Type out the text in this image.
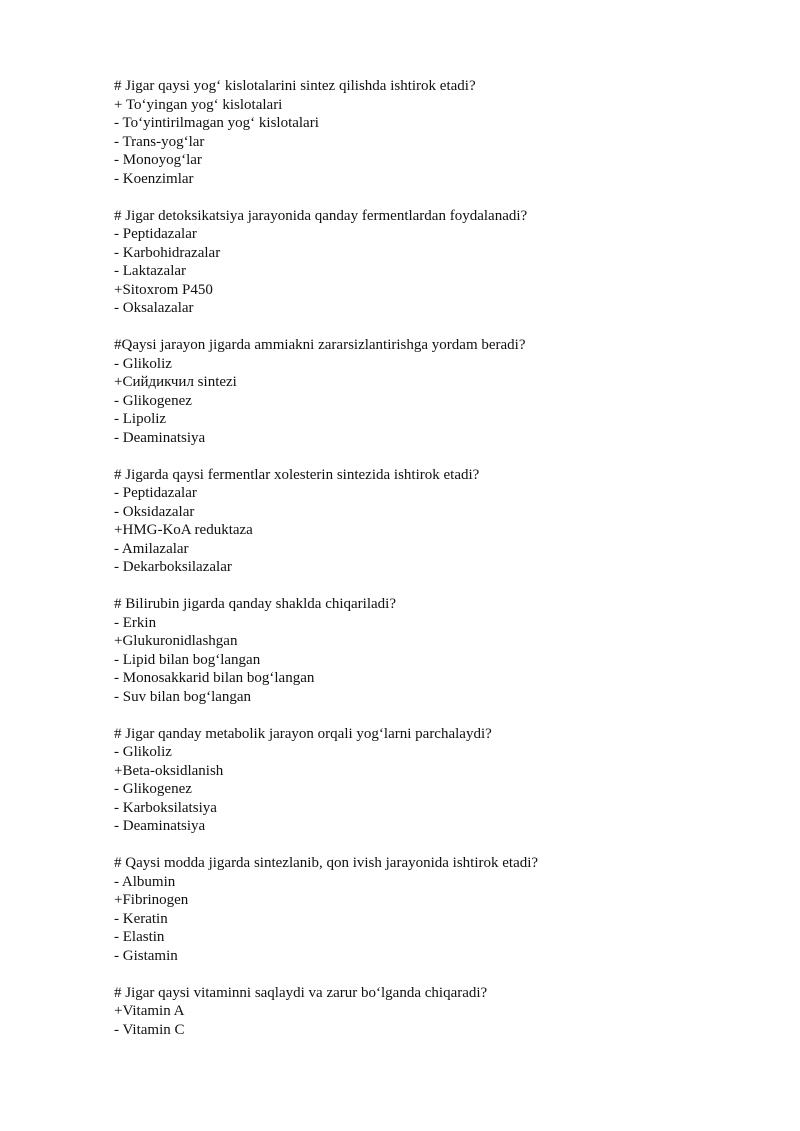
# Jigar qaysi yog‘ kislotalarini sintez qilishda ishtirok etadi?
+ To‘yingan yog‘ kislotalari
- To‘yintirilmagan yog‘ kislotalari
- Trans-yog‘lar
- Monoyog‘lar
- Koenzimlar
# Jigar detoksikatsiya jarayonida qanday fermentlardan foydalanadi?
- Peptidazalar
- Karbohidrazalar
- Laktazalar
+Sitoxrom P450
- Oksalazalar
#Qaysi jarayon jigarda ammiakni zararsizlantirishga yordam beradi?
- Glikoliz
+Сийдикчил sintezi
- Glikogenez
- Lipoliz
- Deaminatsiya
# Jigarda qaysi fermentlar xolesterin sintezida ishtirok etadi?
- Peptidazalar
- Oksidazalar
+HMG-KoA reduktaza
- Amilazalar
- Dekarboksilazalar
# Bilirubin jigarda qanday shaklda chiqariladi?
- Erkin
+Glukuronidlashgan
- Lipid bilan bog‘langan
- Monosakkarid bilan bog‘langan
- Suv bilan bog‘langan
# Jigar qanday metabolik jarayon orqali yog‘larni parchalaydi?
- Glikoliz
+Beta-oksidlanish
- Glikogenez
- Karboksilatsiya
- Deaminatsiya
# Qaysi modda jigarda sintezlanib, qon ivish jarayonida ishtirok etadi?
- Albumin
+Fibrinogen
- Keratin
- Elastin
- Gistamin
# Jigar qaysi vitaminni saqlaydi va zarur bo‘lganda chiqaradi?
+Vitamin A
- Vitamin C
